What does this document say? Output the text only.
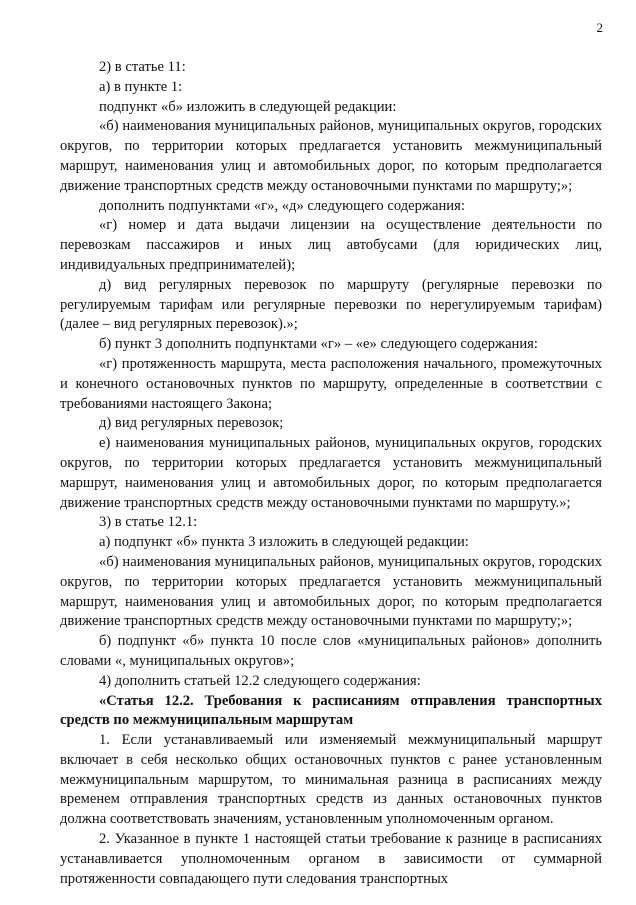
2

2) в статье 11:

а) в пункте 1:

подпункт «б» изложить в следующей редакции:

«б) наименования муниципальных районов, муниципальных округов, городских округов, по территории которых предлагается установить межмуниципальный маршрут, наименования улиц и автомобильных дорог, по которым предполагается движение транспортных средств между остановочными пунктами по маршруту;»;

дополнить подпунктами «г», «д» следующего содержания:

«г) номер и дата выдачи лицензии на осуществление деятельности по перевозкам пассажиров и иных лиц автобусами (для юридических лиц, индивидуальных предпринимателей);

д) вид регулярных перевозок по маршруту (регулярные перевозки по регулируемым тарифам или регулярные перевозки по нерегулируемым тарифам) (далее – вид регулярных перевозок).»;

б) пункт 3 дополнить подпунктами «г» – «е» следующего содержания:

«г) протяженность маршрута, места расположения начального, промежуточных и конечного остановочных пунктов по маршруту, определенные в соответствии с требованиями настоящего Закона;

д) вид регулярных перевозок;

е) наименования муниципальных районов, муниципальных округов, городских округов, по территории которых предлагается установить межмуниципальный маршрут, наименования улиц и автомобильных дорог, по которым предполагается движение транспортных средств между остановочными пунктами по маршруту.»;

3) в статье 12.1:

а) подпункт «б» пункта 3 изложить в следующей редакции:

«б) наименования муниципальных районов, муниципальных округов, городских округов, по территории которых предлагается установить межмуниципальный маршрут, наименования улиц и автомобильных дорог, по которым предполагается движение транспортных средств между остановочными пунктами по маршруту;»;

б) подпункт «б» пункта 10 после слов «муниципальных районов» дополнить словами «, муниципальных округов»;

4) дополнить статьей 12.2 следующего содержания:

«Статья 12.2. Требования к расписаниям отправления транспортных средств по межмуниципальным маршрутам

1. Если устанавливаемый или изменяемый межмуниципальный маршрут включает в себя несколько общих остановочных пунктов с ранее установленным межмуниципальным маршрутом, то минимальная разница в расписаниях между временем отправления транспортных средств из данных остановочных пунктов должна соответствовать значениям, установленным уполномоченным органом.

2. Указанное в пункте 1 настоящей статьи требование к разнице в расписаниях устанавливается уполномоченным органом в зависимости от суммарной протяженности совпадающего пути следования транспортных
